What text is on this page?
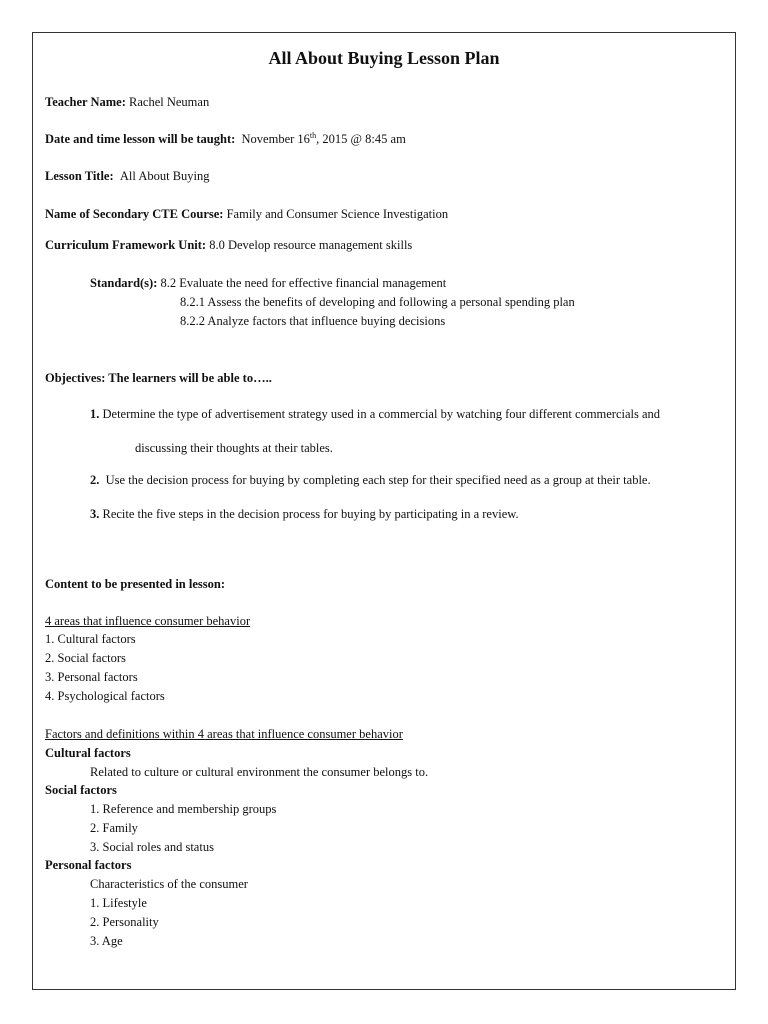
All About Buying Lesson Plan
Teacher Name: Rachel Neuman
Date and time lesson will be taught: November 16th, 2015 @ 8:45 am
Lesson Title: All About Buying
Name of Secondary CTE Course: Family and Consumer Science Investigation
Curriculum Framework Unit: 8.0 Develop resource management skills
Standard(s): 8.2 Evaluate the need for effective financial management
8.2.1 Assess the benefits of developing and following a personal spending plan
8.2.2 Analyze factors that influence buying decisions
Objectives: The learners will be able to…..
1. Determine the type of advertisement strategy used in a commercial by watching four different commercials and
discussing their thoughts at their tables.
2. Use the decision process for buying by completing each step for their specified need as a group at their table.
3. Recite the five steps in the decision process for buying by participating in a review.
Content to be presented in lesson:
4 areas that influence consumer behavior
1. Cultural factors
2. Social factors
3. Personal factors
4. Psychological factors
Factors and definitions within 4 areas that influence consumer behavior
Cultural factors
Related to culture or cultural environment the consumer belongs to.
Social factors
1. Reference and membership groups
2. Family
3. Social roles and status
Personal factors
Characteristics of the consumer
1. Lifestyle
2. Personality
3. Age
